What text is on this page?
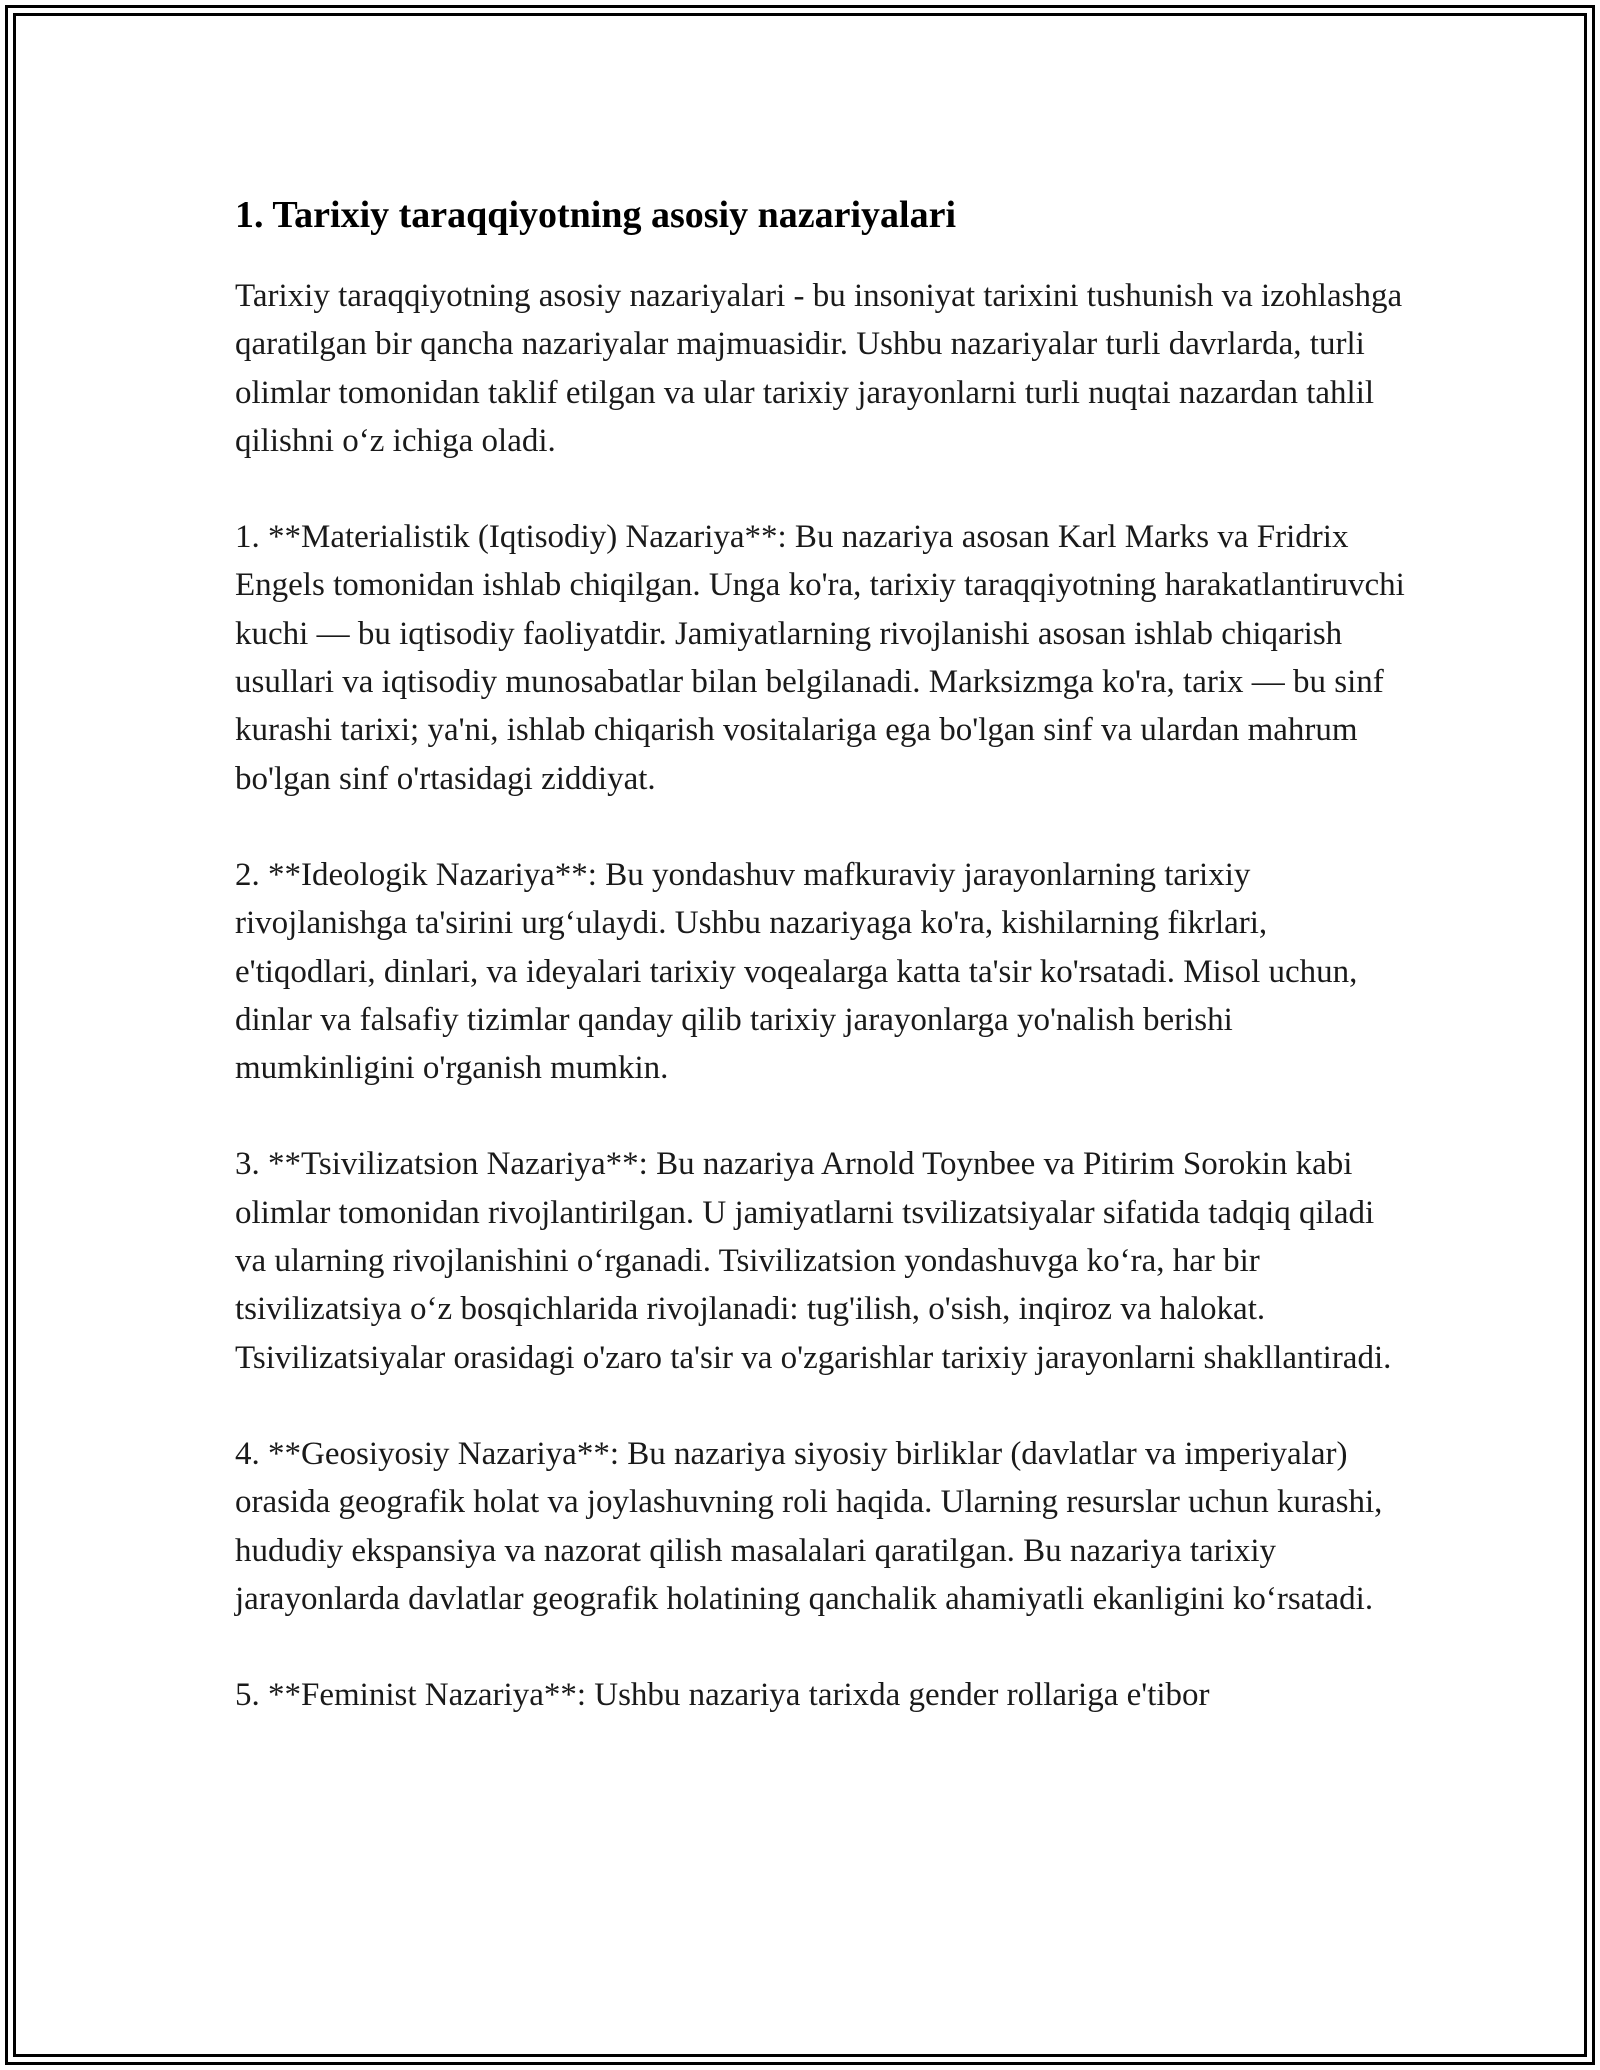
1. Tarixiy taraqqiyotning asosiy nazariyalari

Tarixiy taraqqiyotning asosiy nazariyalari - bu insoniyat tarixini tushunish va izohlashga qaratilgan bir qancha nazariyalar majmuasidir. Ushbu nazariyalar turli davrlarda, turli olimlar tomonidan taklif etilgan va ular tarixiy jarayonlarni turli nuqtai nazardan tahlil qilishni oʻz ichiga oladi.

1. **Materialistik (Iqtisodiy) Nazariya**: Bu nazariya asosan Karl Marks va Fridrix Engels tomonidan ishlab chiqilgan. Unga ko'ra, tarixiy taraqqiyotning harakatlantiruvchi kuchi — bu iqtisodiy faoliyatdir. Jamiyatlarning rivojlanishi asosan ishlab chiqarish usullari va iqtisodiy munosabatlar bilan belgilanadi. Marksizmga ko'ra, tarix — bu sinf kurashi tarixi; ya'ni, ishlab chiqarish vositalariga ega bo'lgan sinf va ulardan mahrum bo'lgan sinf o'rtasidagi ziddiyat.

2. **Ideologik Nazariya**: Bu yondashuv mafkuraviy jarayonlarning tarixiy rivojlanishga ta'sirini urgʻulaydi. Ushbu nazariyaga ko'ra, kishilarning fikrlari, e'tiqodlari, dinlari, va ideyalari tarixiy voqealarga katta ta'sir ko'rsatadi. Misol uchun, dinlar va falsafiy tizimlar qanday qilib tarixiy jarayonlarga yo'nalish berishi mumkinligini o'rganish mumkin.

3. **Tsivilizatsion Nazariya**: Bu nazariya Arnold Toynbee va Pitirim Sorokin kabi olimlar tomonidan rivojlantirilgan. U jamiyatlarni tsvilizatsiyalar sifatida tadqiq qiladi va ularning rivojlanishini oʻrganadi. Tsivilizatsion yondashuvga koʻra, har bir tsivilizatsiya oʻz bosqichlarida rivojlanadi: tug'ilish, o'sish, inqiroz va halokat. Tsivilizatsiyalar orasidagi o'zaro ta'sir va o'zgarishlar tarixiy jarayonlarni shakllantiradi.

4. **Geosiyosiy Nazariya**: Bu nazariya siyosiy birliklar (davlatlar va imperiyalar) orasida geografik holat va joylashuvning roli haqida. Ularning resurslar uchun kurashi, hududiy ekspansiya va nazorat qilish masalalari qaratilgan. Bu nazariya tarixiy jarayonlarda davlatlar geografik holatining qanchalik ahamiyatli ekanligini koʻrsatadi.

5. **Feminist Nazariya**: Ushbu nazariya tarixda gender rollariga e'tibor
